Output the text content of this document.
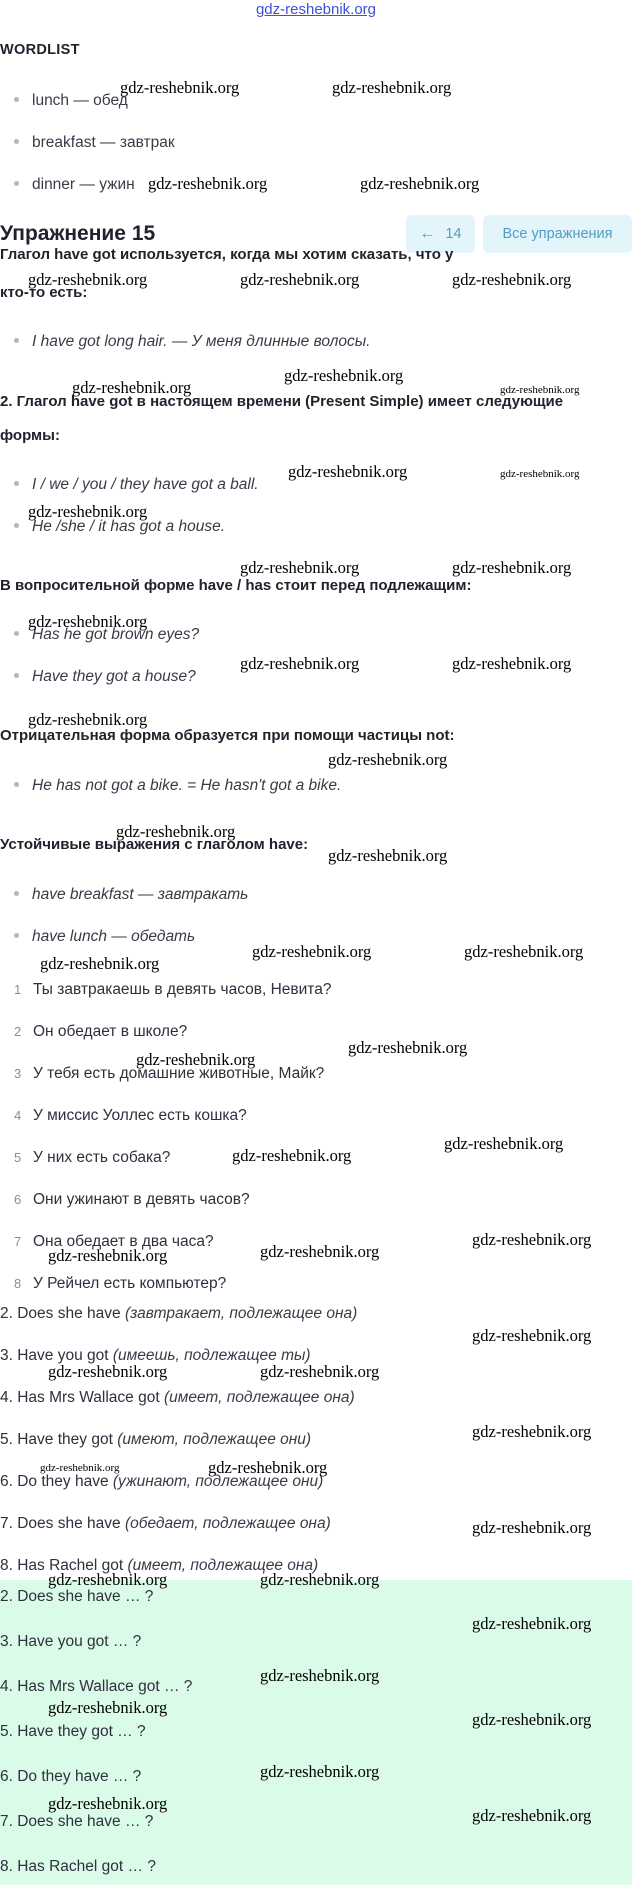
gdz-reshebnik.org
WORDLIST
lunch — обед
breakfast — завтрак
dinner — ужин
Упражнение 15	← 14	Все упражнения
Глагол have got используется, когда мы хотим сказать, что у
кто-то есть:
I have got long hair. — У меня длинные волосы.
2. Глагол have got в настоящем времени (Present Simple) имеет следующие
формы:
I / we / you / they have got a ball.
He /she / it has got a house.
В вопросительной форме have / has стоит перед подлежащим:
Has he got brown eyes?
Have they got a house?
Отрицательная форма образуется при помощи частицы not:
He has not got a bike. = He hasn't got a bike.
Устойчивые выражения с глаголом have:
have breakfast — завтракать
have lunch — обедать
1 Ты завтракаешь в девять часов, Невита?
2 Он обедает в школе?
3 У тебя есть домашние животные, Майк?
4 У миссис Уоллес есть кошка?
5 У них есть собака?
6 Они ужинают в девять часов?
7 Она обедает в два часа?
8 У Рейчел есть компьютер?
2. Does she have (завтракает, подлежащее она)
3. Have you got (имеешь, подлежащее ты)
4. Has Mrs Wallace got (имеет, подлежащее она)
5. Have they got (имеют, подлежащее они)
6. Do they have (ужинают, подлежащее они)
7. Does she have (обедает, подлежащее она)
8. Has Rachel got (имеет, подлежащее она)
2. Does she have … ?
3. Have you got … ?
4. Has Mrs Wallace got … ?
5. Have they got … ?
6. Do they have … ?
7. Does she have … ?
8. Has Rachel got … ?
gdz-reshebnik.org	gdz-reshebnik.org
gdz-reshebnik.org	gdz-reshebnik.org
gdz-reshebnik.org	gdz-reshebnik.org	gdz-reshebnik.org
gdz-reshebnik.org
gdz-reshebnik.org	gdz-reshebnik.org
gdz-reshebnik.org	gdz-reshebnik.org
gdz-reshebnik.org
gdz-reshebnik.org	gdz-reshebnik.org
gdz-reshebnik.org
gdz-reshebnik.org	gdz-reshebnik.org
gdz-reshebnik.org
gdz-reshebnik.org
gdz-reshebnik.org
gdz-reshebnik.org
gdz-reshebnik.org	gdz-reshebnik.org
gdz-reshebnik.org
gdz-reshebnik.org
gdz-reshebnik.org
gdz-reshebnik.org
gdz-reshebnik.org
gdz-reshebnik.org
gdz-reshebnik.org
gdz-reshebnik.org
gdz-reshebnik.org
gdz-reshebnik.org	gdz-reshebnik.org
gdz-reshebnik.org
gdz-reshebnik.org	gdz-reshebnik.org
gdz-reshebnik.org
gdz-reshebnik.org	gdz-reshebnik.org
gdz-reshebnik.org
gdz-reshebnik.org
gdz-reshebnik.org
gdz-reshebnik.org
gdz-reshebnik.org
gdz-reshebnik.org
gdz-reshebnik.org
